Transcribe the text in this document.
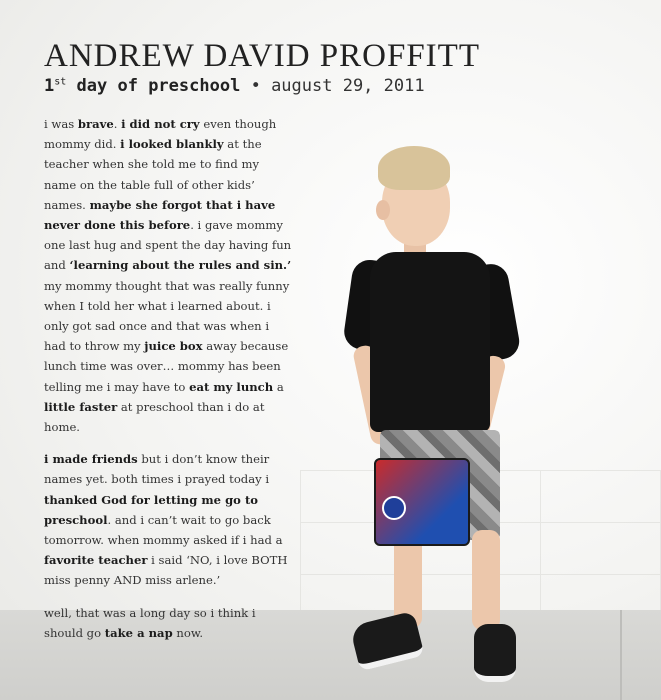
ANDREW DAVID PROFFITT
1st day of preschool • august 29, 2011

i was brave. i did not cry even though mommy did. i looked blankly at the teacher when she told me to find my name on the table full of other kids’ names. maybe she forgot that i have never done this before. i gave mommy one last hug and spent the day having fun and ‘learning about the rules and sin.’ my mommy thought that was really funny when I told her what i learned about. i only got sad once and that was when i had to throw my juice box away because lunch time was over… mommy has been telling me i may have to eat my lunch a little faster at preschool than i do at home.

i made friends but i don’t know their names yet. both times i prayed today i thanked God for letting me go to preschool. and i can’t wait to go back tomorrow. when mommy asked if i had a favorite teacher i said ‘NO, i love BOTH miss penny AND miss arlene.’

well, that was a long day so i think i should go take a nap now.
